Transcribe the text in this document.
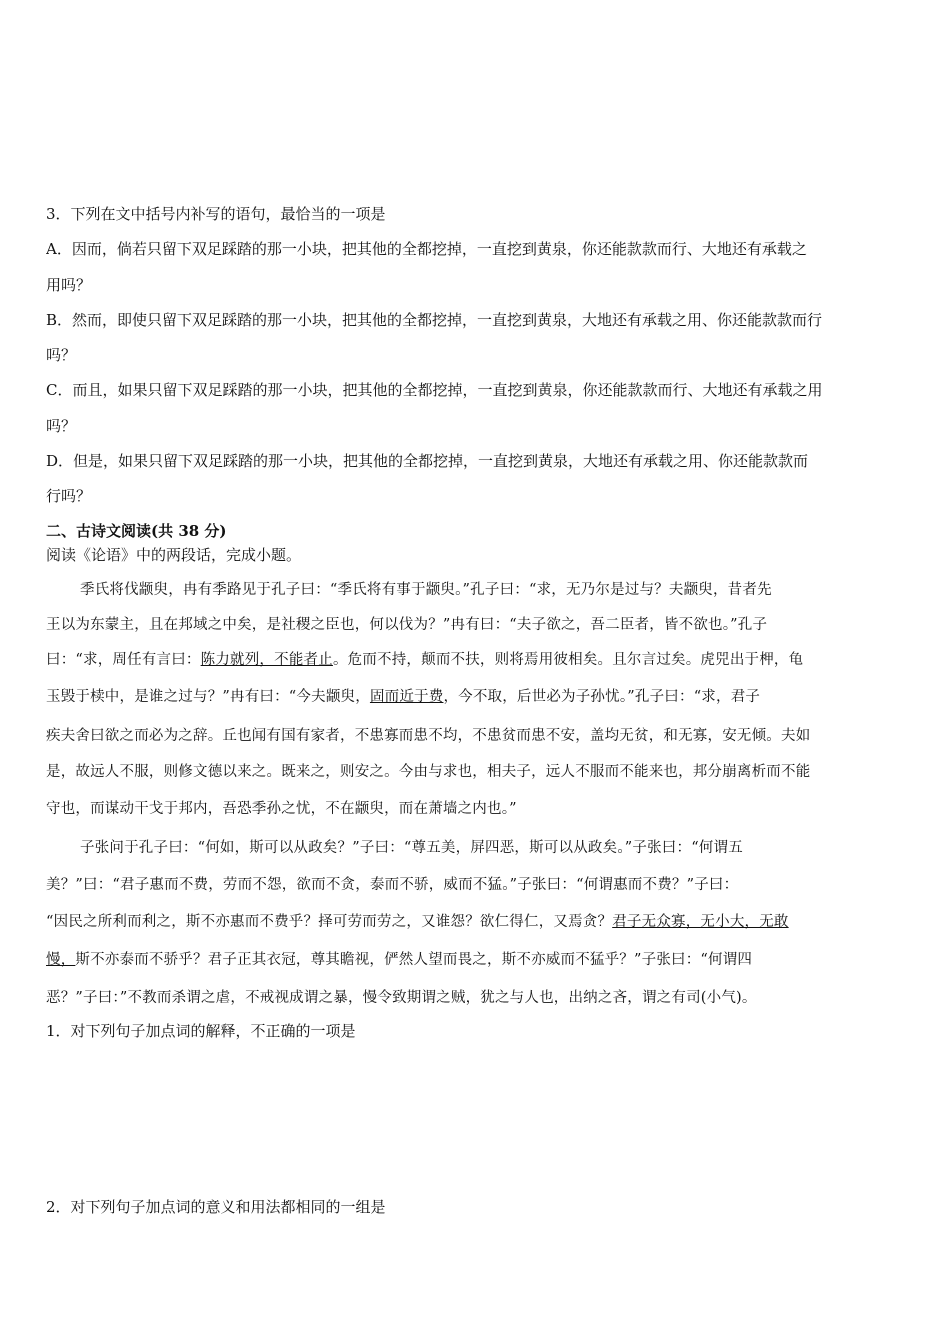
3．下列在文中括号内补写的语句，最恰当的一项是
A．因而，倘若只留下双足踩踏的那一小块，把其他的全都挖掉，一直挖到黄泉，你还能款款而行、大地还有承载之
用吗？
B．然而，即使只留下双足踩踏的那一小块，把其他的全都挖掉，一直挖到黄泉，大地还有承载之用、你还能款款而行
吗？
C．而且，如果只留下双足踩踏的那一小块，把其他的全都挖掉，一直挖到黄泉，你还能款款而行、大地还有承载之用
吗？
D．但是，如果只留下双足踩踏的那一小块，把其他的全都挖掉，一直挖到黄泉，大地还有承载之用、你还能款款而
行吗？
二、古诗文阅读(共 38 分)
阅读《论语》中的两段话，完成小题。
季氏将伐颛臾，冉有季路见于孔子曰：“季氏将有事于颛臾。”孔子曰：“求，无乃尔是过与？夫颛臾，昔者先
王以为东蒙主，且在邦域之中矣，是社稷之臣也，何以伐为？”冉有曰：“夫子欲之，吾二臣者，皆不欲也。”孔子
曰：“求，周任有言曰：陈力就列，不能者止。危而不持，颠而不扶，则将焉用彼相矣。且尔言过矣。虎兕出于柙，龟
玉毁于椟中，是谁之过与？”冉有曰：“今夫颛臾，固而近于费，今不取，后世必为子孙忧。”孔子曰：“求，君子
疾夫舍曰欲之而必为之辞。丘也闻有国有家者，不患寡而患不均，不患贫而患不安，盖均无贫，和无寡，安无倾。夫如
是，故远人不服，则修文德以来之。既来之，则安之。今由与求也，相夫子，远人不服而不能来也，邦分崩离析而不能
守也，而谋动干戈于邦内，吾恐季孙之忧，不在颛臾，而在萧墙之内也。”
子张问于孔子曰：“何如，斯可以从政矣？”子曰：“尊五美，屏四恶，斯可以从政矣。”子张曰：“何谓五
美？”曰：“君子惠而不费，劳而不怨，欲而不贪，泰而不骄，威而不猛。”子张曰：“何谓惠而不费？”子曰：
“因民之所利而利之，斯不亦惠而不费乎？择可劳而劳之，又谁怨？欲仁得仁，又焉贪？君子无众寡，无小大，无敢
慢，斯不亦泰而不骄乎？君子正其衣冠，尊其瞻视，俨然人望而畏之，斯不亦威而不猛乎？”子张曰：“何谓四
恶？”子曰：”不教而杀谓之虐，不戒视成谓之暴，慢令致期谓之贼，犹之与人也，出纳之吝，谓之有司(小气)。
1．对下列句子加点词的解释，不正确的一项是
2．对下列句子加点词的意义和用法都相同的一组是
